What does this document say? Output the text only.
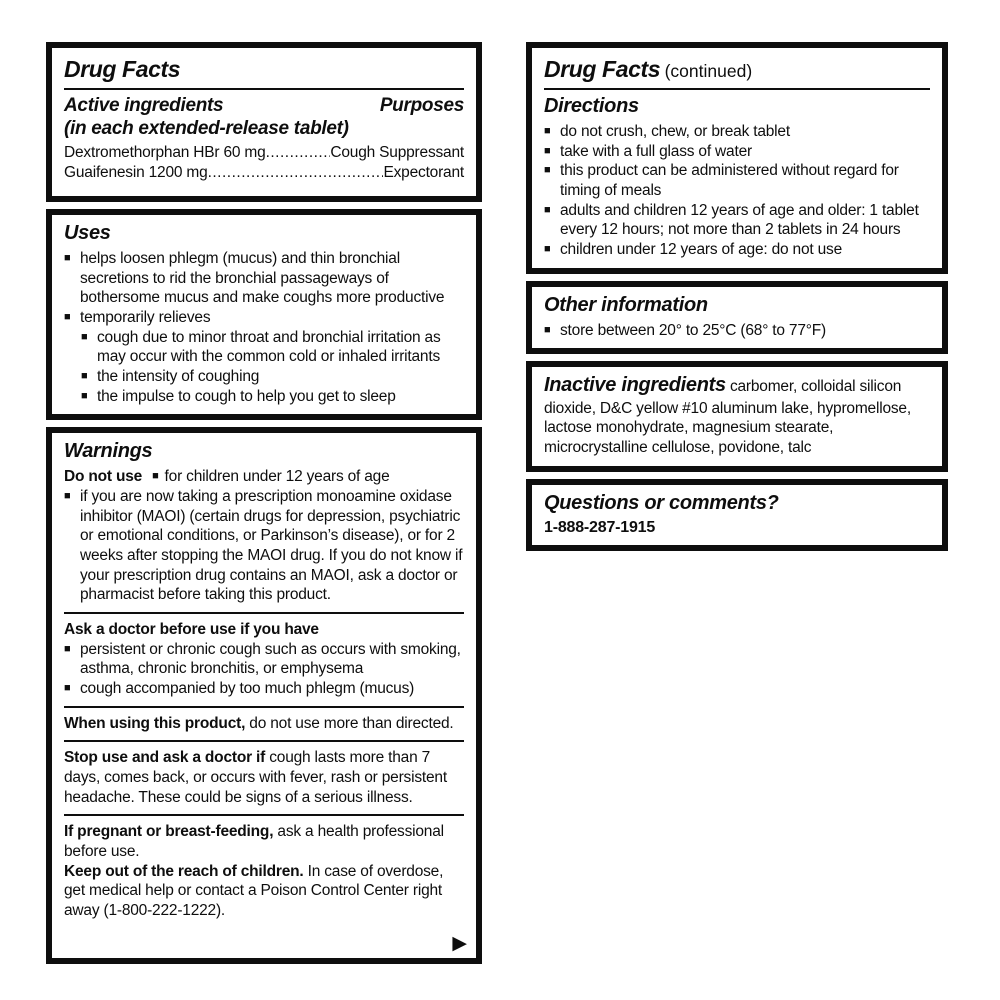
Drug Facts
Active ingredients	Purposes
(in each extended-release tablet)
Dextromethorphan HBr 60 mg .....	Cough Suppressant
Guaifenesin 1200 mg .....	Expectorant
Uses
■ helps loosen phlegm (mucus) and thin bronchial secretions to rid the bronchial passageways of bothersome mucus and make coughs more productive
■ temporarily relieves
■ cough due to minor throat and bronchial irritation as may occur with the common cold or inhaled irritants
■ the intensity of coughing
■ the impulse to cough to help you get to sleep
Warnings
Do not use ■ for children under 12 years of age
■ if you are now taking a prescription monoamine oxidase inhibitor (MAOI) (certain drugs for depression, psychiatric or emotional conditions, or Parkinson’s disease), or for 2 weeks after stopping the MAOI drug. If you do not know if your prescription drug contains an MAOI, ask a doctor or pharmacist before taking this product.
Ask a doctor before use if you have
■ persistent or chronic cough such as occurs with smoking, asthma, chronic bronchitis, or emphysema
■ cough accompanied by too much phlegm (mucus)

When using this product, do not use more than directed.

Stop use and ask a doctor if cough lasts more than 7 days, comes back, or occurs with fever, rash or persistent headache. These could be signs of a serious illness.

If pregnant or breast-feeding, ask a health professional before use.

Keep out of the reach of children. In case of overdose, get medical help or contact a Poison Control Center right away (1-800-222-1222).

▶
Drug Facts (continued)
Directions
■ do not crush, chew, or break tablet
■ take with a full glass of water
■ this product can be administered without regard for timing of meals
■ adults and children 12 years of age and older: 1 tablet every 12 hours; not more than 2 tablets in 24 hours
■ children under 12 years of age: do not use
Other information
■ store between 20° to 25°C (68° to 77°F)

Inactive ingredients carbomer, colloidal silicon dioxide, D&C yellow #10 aluminum lake, hypromellose, lactose monohydrate, magnesium stearate, microcrystalline cellulose, povidone, talc

Questions or comments?
1-888-287-1915
